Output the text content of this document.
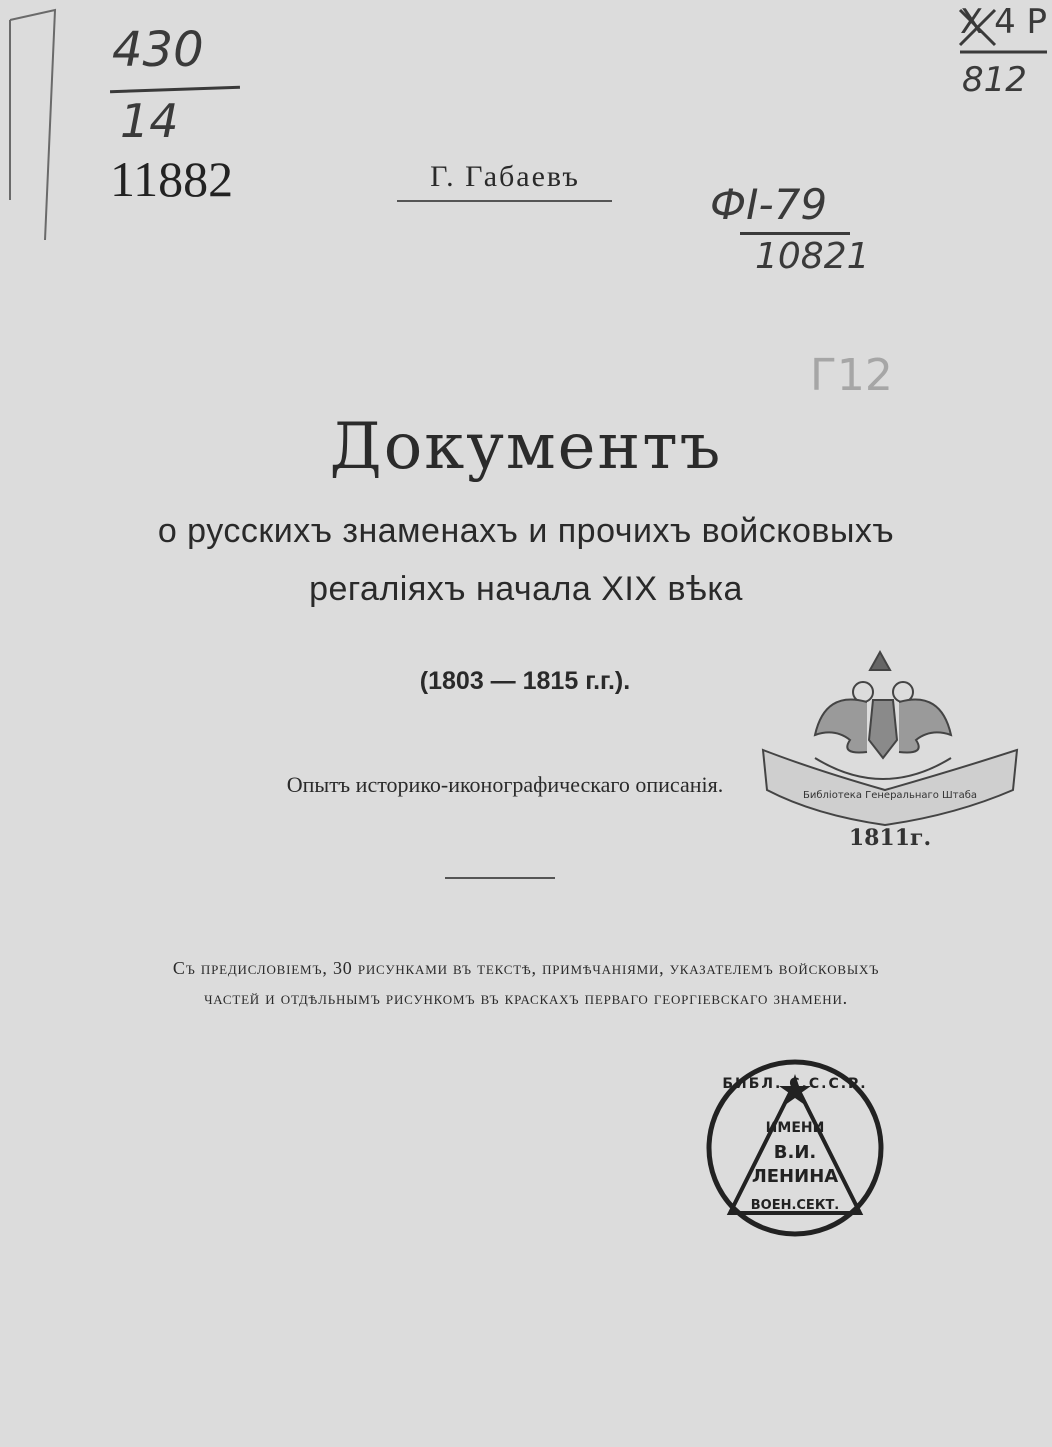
430
14
11882
Х 4 Р
812
ФI-79
10821
Г12
Г. Габаевъ
Документъ
о русскихъ знаменахъ и прочихъ войсковыхъ
регаліяхъ начала XIX вѣка
(1803 — 1815 г.г.).
Опытъ историко-иконографическаго описанія.
Съ предисловіемъ, 30 рисунками въ текстѣ, примѣчаніями, указателемъ войсковыхъ
частей и отдѣльнымъ рисункомъ въ краскахъ перваго георгіевскаго знамени.
Библіотека Генеральнаго Штаба
1811г.
БИБЛ. С.С.С.Р.
ИМЕНИ
В.И.
ЛЕНИНА
ВОЕН.СЕКТ.
